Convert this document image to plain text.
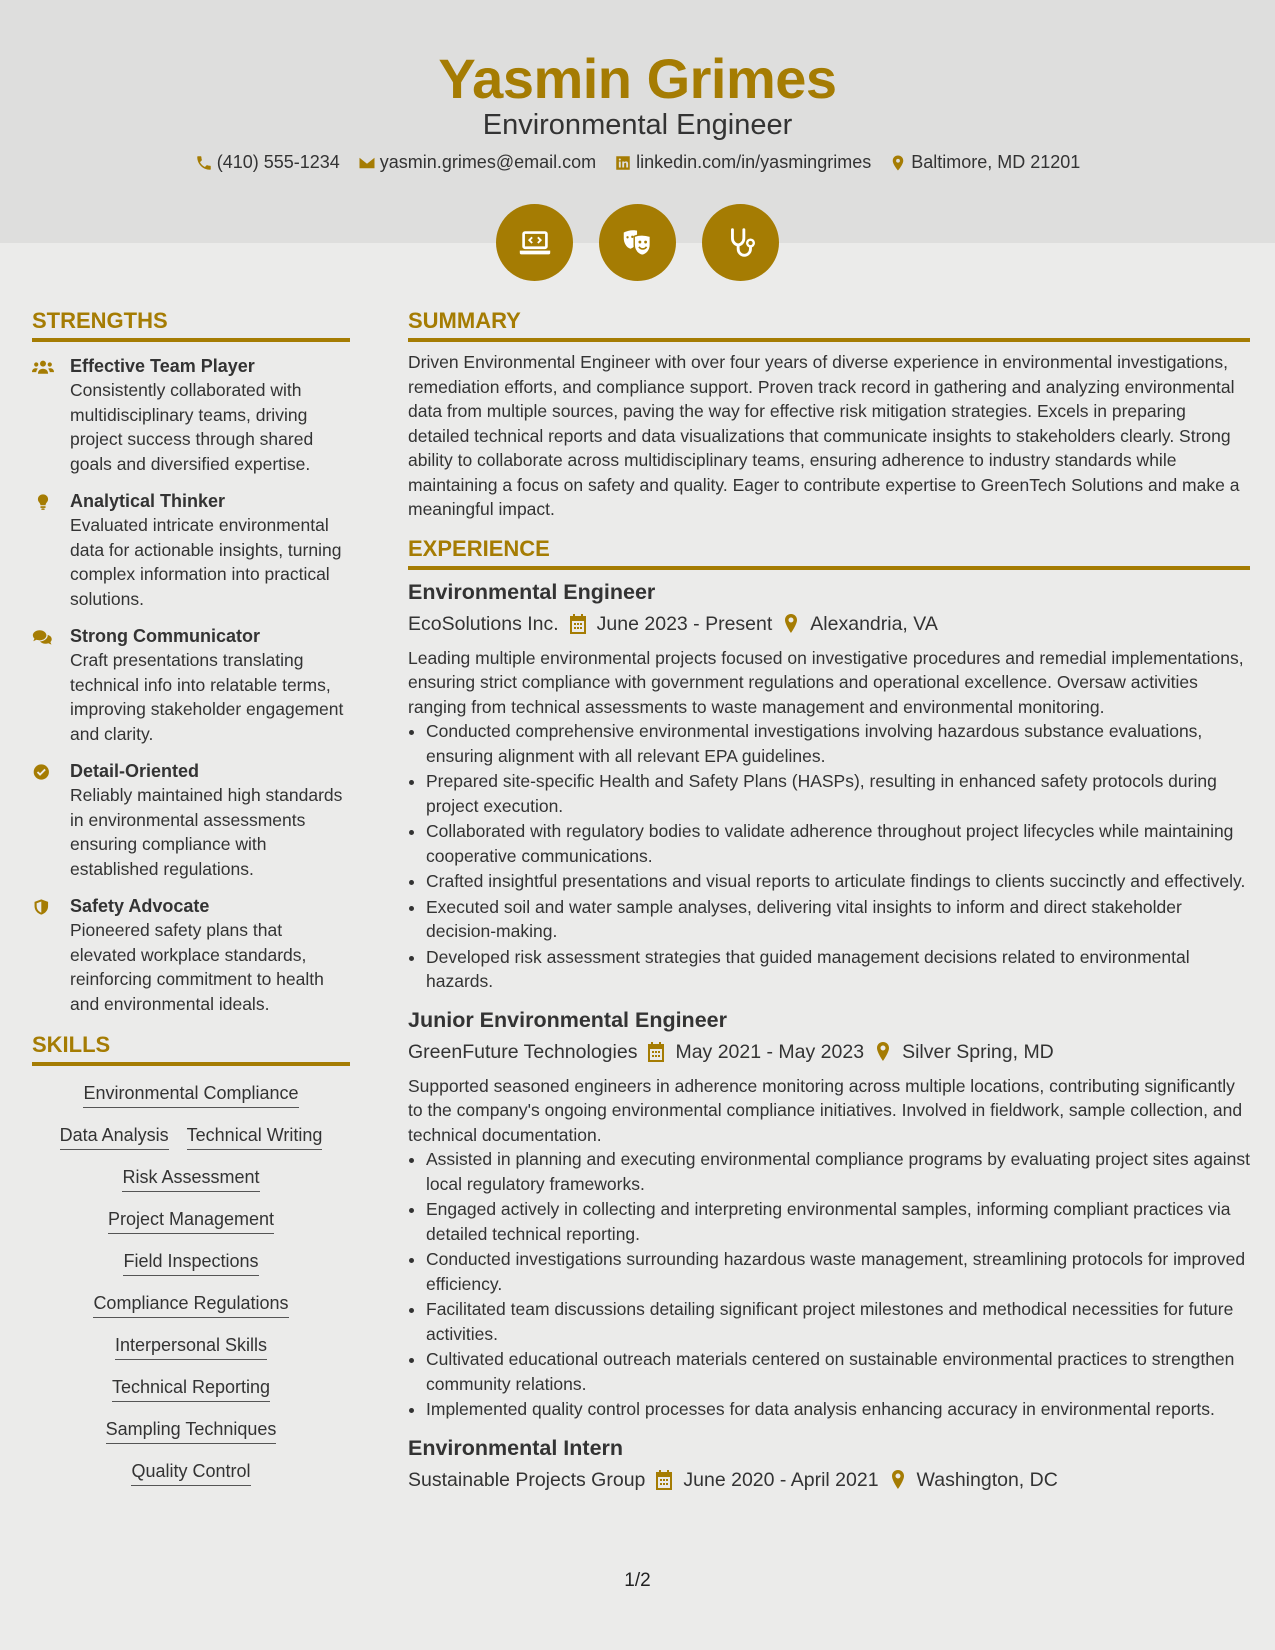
Yasmin Grimes
Environmental Engineer
(410) 555-1234 yasmin.grimes@email.com linkedin.com/in/yasmingrimes Baltimore, MD 21201
STRENGTHS
Effective Team Player
Consistently collaborated with multidisciplinary teams, driving project success through shared goals and diversified expertise.
Analytical Thinker
Evaluated intricate environmental data for actionable insights, turning complex information into practical solutions.
Strong Communicator
Craft presentations translating technical info into relatable terms, improving stakeholder engagement and clarity.
Detail-Oriented
Reliably maintained high standards in environmental assessments ensuring compliance with established regulations.
Safety Advocate
Pioneered safety plans that elevated workplace standards, reinforcing commitment to health and environmental ideals.
SKILLS
Environmental Compliance
Data Analysis Technical Writing
Risk Assessment
Project Management
Field Inspections
Compliance Regulations
Interpersonal Skills
Technical Reporting
Sampling Techniques
Quality Control
SUMMARY

Driven Environmental Engineer with over four years of diverse experience in environmental investigations, remediation efforts, and compliance support. Proven track record in gathering and analyzing environmental data from multiple sources, paving the way for effective risk mitigation strategies. Excels in preparing detailed technical reports and data visualizations that communicate insights to stakeholders clearly. Strong ability to collaborate across multidisciplinary teams, ensuring adherence to industry standards while maintaining a focus on safety and quality. Eager to contribute expertise to GreenTech Solutions and make a meaningful impact.

EXPERIENCE
Environmental Engineer
EcoSolutions Inc. June 2023 - Present Alexandria, VA

Leading multiple environmental projects focused on investigative procedures and remedial implementations, ensuring strict compliance with government regulations and operational excellence. Oversaw activities ranging from technical assessments to waste management and environmental monitoring.

• Conducted comprehensive environmental investigations involving hazardous substance evaluations, ensuring alignment with all relevant EPA guidelines.
• Prepared site-specific Health and Safety Plans (HASPs), resulting in enhanced safety protocols during project execution.
• Collaborated with regulatory bodies to validate adherence throughout project lifecycles while maintaining cooperative communications.
• Crafted insightful presentations and visual reports to articulate findings to clients succinctly and effectively.
• Executed soil and water sample analyses, delivering vital insights to inform and direct stakeholder decision-making.
• Developed risk assessment strategies that guided management decisions related to environmental hazards.
Junior Environmental Engineer
GreenFuture Technologies May 2021 - May 2023 Silver Spring, MD

Supported seasoned engineers in adherence monitoring across multiple locations, contributing significantly to the company's ongoing environmental compliance initiatives. Involved in fieldwork, sample collection, and technical documentation.

• Assisted in planning and executing environmental compliance programs by evaluating project sites against local regulatory frameworks.
• Engaged actively in collecting and interpreting environmental samples, informing compliant practices via detailed technical reporting.
• Conducted investigations surrounding hazardous waste management, streamlining protocols for improved efficiency.
• Facilitated team discussions detailing significant project milestones and methodical necessities for future activities.
• Cultivated educational outreach materials centered on sustainable environmental practices to strengthen community relations.
• Implemented quality control processes for data analysis enhancing accuracy in environmental reports.
Environmental Intern
Sustainable Projects Group June 2020 - April 2021 Washington, DC
1/2
